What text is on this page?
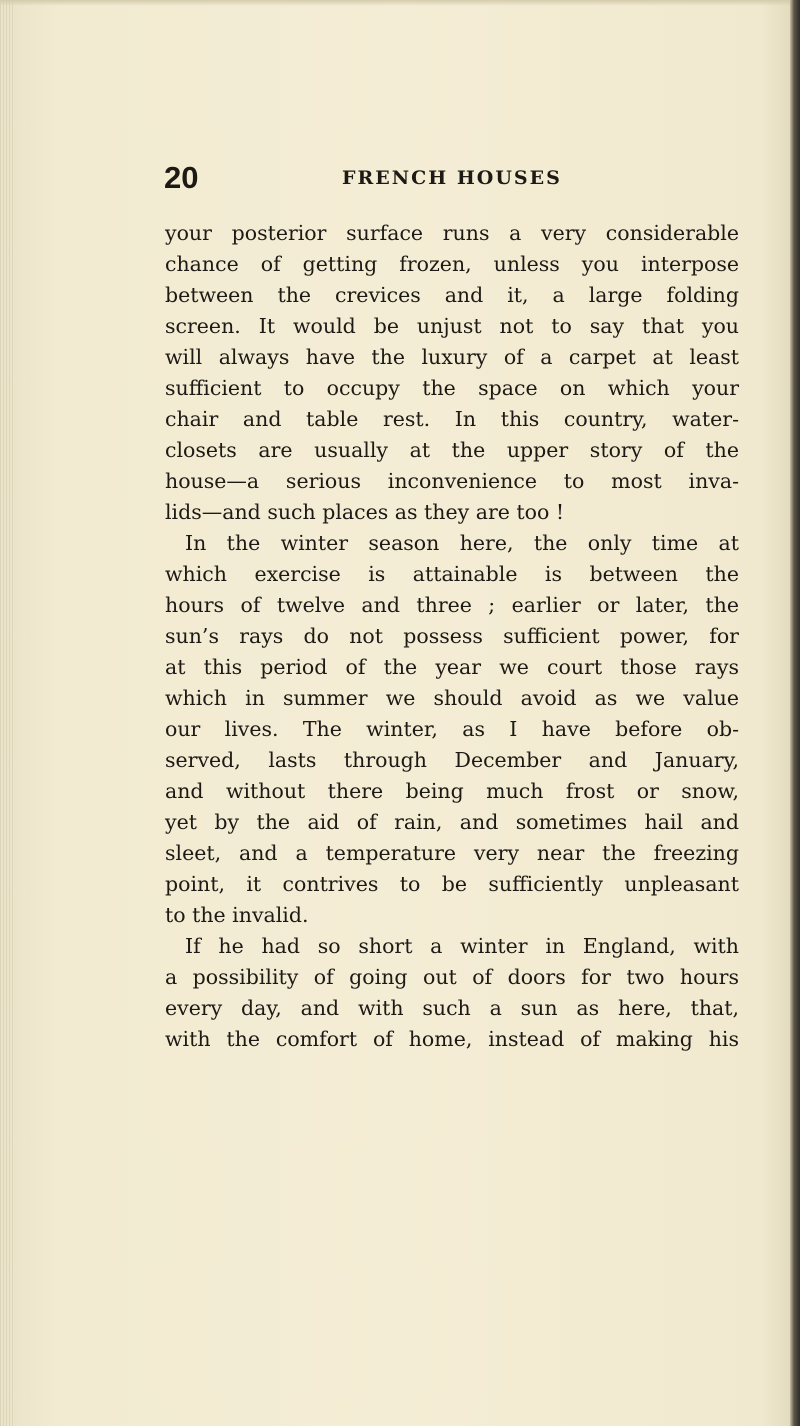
20	FRENCH HOUSES
your posterior surface runs a very considerable
chance of getting frozen, unless you interpose
between the crevices and it, a large folding
screen. It would be unjust not to say that you
will always have the luxury of a carpet at least
sufficient to occupy the space on which your
chair and table rest. In this country, water-
closets are usually at the upper story of the
house—a serious inconvenience to most inva-
lids—and such places as they are too !
In the winter season here, the only time at
which exercise is attainable is between the
hours of twelve and three ; earlier or later, the
sun’s rays do not possess sufficient power, for
at this period of the year we court those rays
which in summer we should avoid as we value
our lives. The winter, as I have before ob-
served, lasts through December and January,
and without there being much frost or snow,
yet by the aid of rain, and sometimes hail and
sleet, and a temperature very near the freezing
point, it contrives to be sufficiently unpleasant
to the invalid.
If he had so short a winter in England, with
a possibility of going out of doors for two hours
every day, and with such a sun as here, that,
with the comfort of home, instead of making his
